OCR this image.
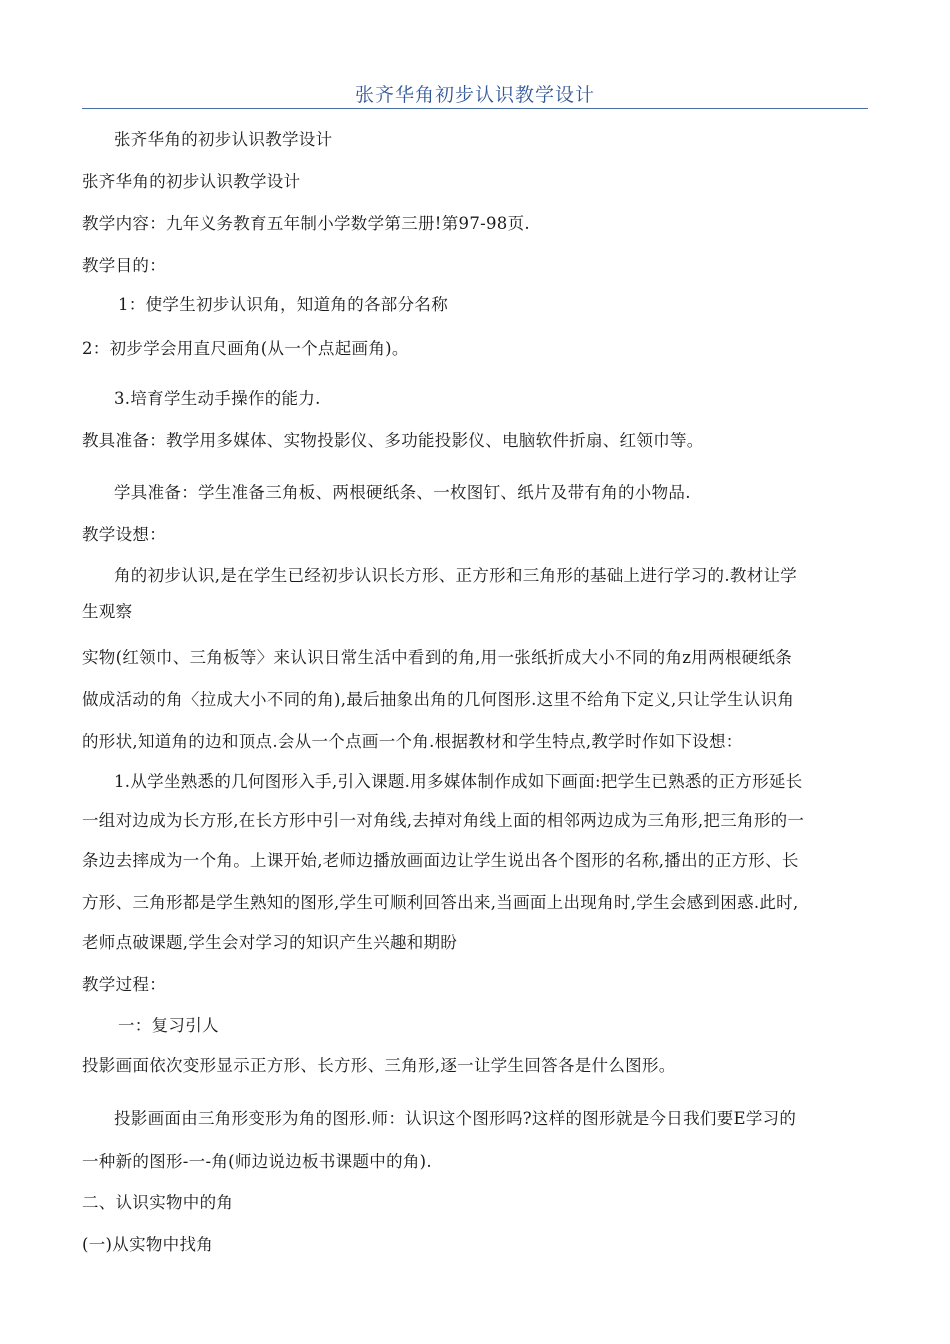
张齐华角初步认识教学设计
张齐华角的初步认识教学设计
张齐华角的初步认识教学设计
教学内容：九年义务教育五年制小学数学第三册!第97-98页.
教学目的：
1：使学生初步认识角，知道角的各部分名称
2：初步学会用直尺画角(从一个点起画角)。
3.培育学生动手操作的能力.
教具准备：教学用多媒体、实物投影仪、多功能投影仪、电脑软件折扇、红领巾等。
学具准备：学生准备三角板、两根硬纸条、一枚图钉、纸片及带有角的小物品.
教学设想：
角的初步认识,是在学生已经初步认识长方形、正方形和三角形的基础上进行学习的.教材让学
生观察
实物(红领巾、三角板等〉来认识日常生活中看到的角,用一张纸折成大小不同的角z用两根硬纸条
做成活动的角〈拉成大小不同的角),最后抽象出角的几何图形.这里不给角下定义,只让学生认识角
的形状,知道角的边和顶点.会从一个点画一个角.根据教材和学生特点,教学时作如下设想：
1.从学坐熟悉的几何图形入手,引入课题.用多媒体制作成如下画面:把学生已熟悉的正方形延长
一组对边成为长方形,在长方形中引一对角线,去掉对角线上面的相邻两边成为三角形,把三角形的一
条边去摔成为一个角。上课开始,老师边播放画面边让学生说出各个图形的名称,播出的正方形、长
方形、三角形都是学生熟知的图形,学生可顺利回答出来,当画面上出现角时,学生会感到困惑.此时,
老师点破课题,学生会对学习的知识产生兴趣和期盼
教学过程：
一：复习引人
投影画面依次变形显示正方形、长方形、三角形,逐一让学生回答各是什么图形。
投影画面由三角形变形为角的图形.师：认识这个图形吗?这样的图形就是今日我们要E学习的
一种新的图形-一-角(师边说边板书课题中的角).
二、认识实物中的角
(一)从实物中找角
